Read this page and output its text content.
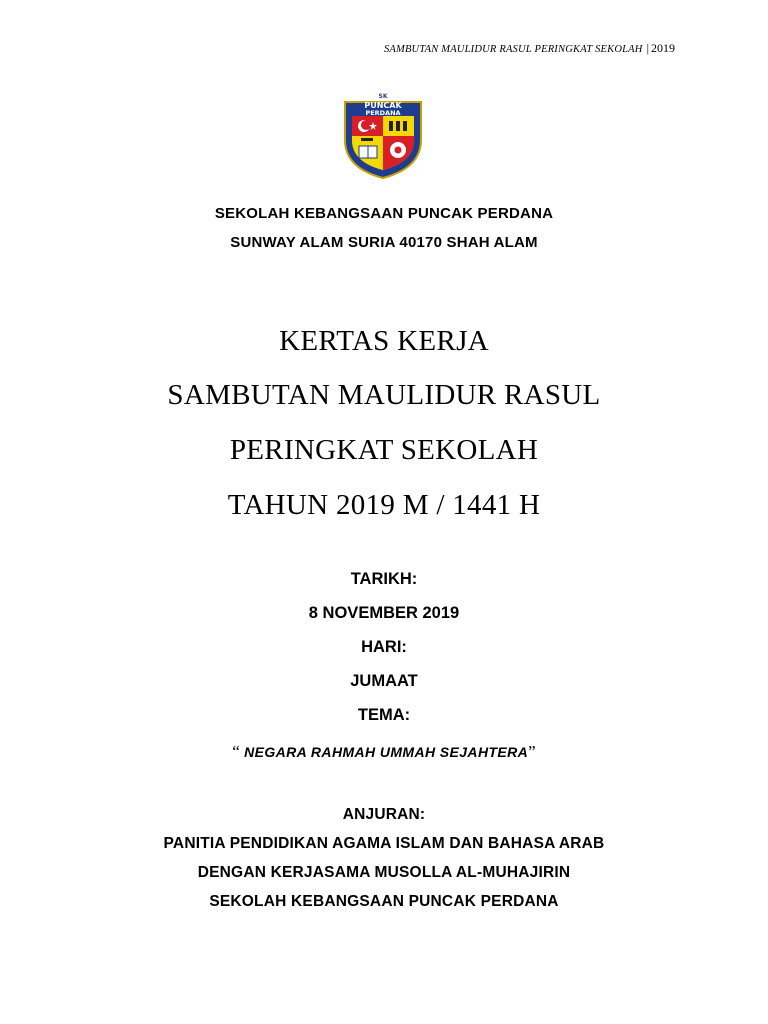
SAMBUTAN MAULIDUR RASUL PERINGKAT SEKOLAH | 2019
SK
PUNCAK
PERDANA
SEKOLAH KEBANGSAAN PUNCAK PERDANA
SUNWAY ALAM SURIA 40170 SHAH ALAM
KERTAS KERJA
SAMBUTAN MAULIDUR RASUL
PERINGKAT SEKOLAH
TAHUN 2019 M / 1441 H
TARIKH:
8 NOVEMBER 2019
HARI:
JUMAAT
TEMA:
“ NEGARA RAHMAH UMMAH SEJAHTERA”
ANJURAN:
PANITIA PENDIDIKAN AGAMA ISLAM DAN BAHASA ARAB
DENGAN KERJASAMA MUSOLLA AL-MUHAJIRIN
SEKOLAH KEBANGSAAN PUNCAK PERDANA
